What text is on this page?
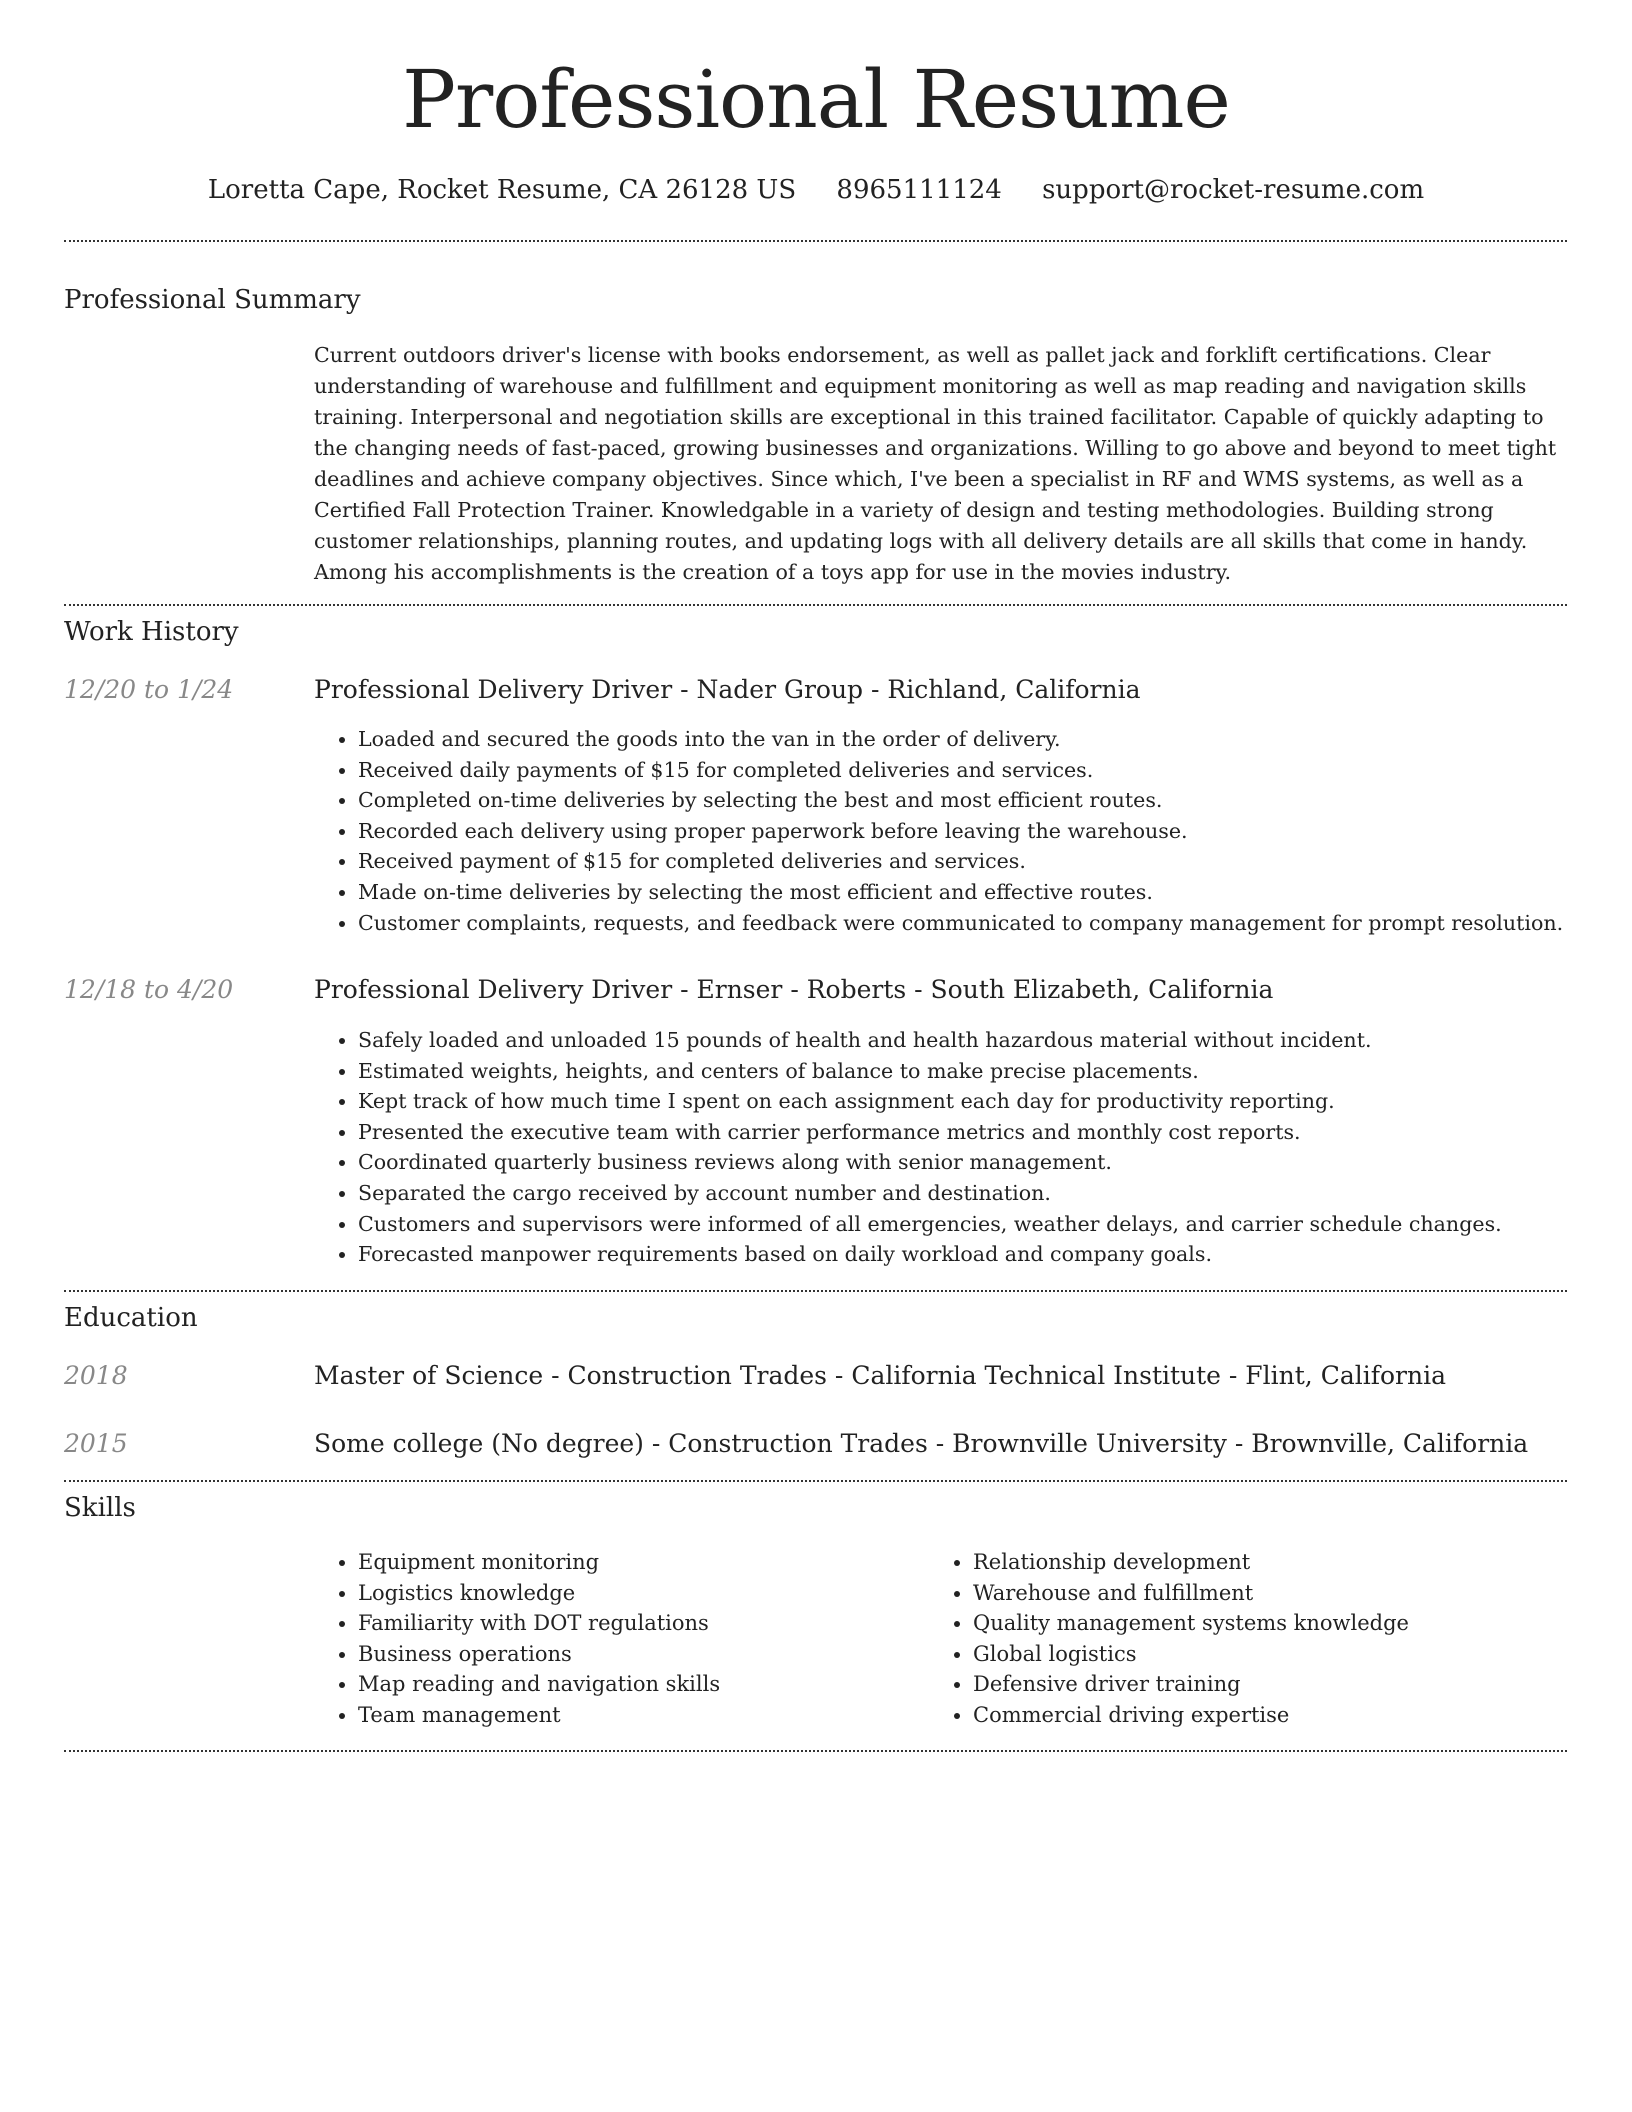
Professional Resume
Loretta Cape, Rocket Resume, CA 26128 US 8965111124 support@rocket-resume.com
Professional Summary

Current outdoors driver's license with books endorsement, as well as pallet jack and forklift certifications. Clear understanding of warehouse and fulfillment and equipment monitoring as well as map reading and navigation skills training. Interpersonal and negotiation skills are exceptional in this trained facilitator. Capable of quickly adapting to the changing needs of fast-paced, growing businesses and organizations. Willing to go above and beyond to meet tight deadlines and achieve company objectives. Since which, I've been a specialist in RF and WMS systems, as well as a Certified Fall Protection Trainer. Knowledgable in a variety of design and testing methodologies. Building strong customer relationships, planning routes, and updating logs with all delivery details are all skills that come in handy. Among his accomplishments is the creation of a toys app for use in the movies industry.

Work History
12/20 to 1/24	Professional Delivery Driver - Nader Group - Richland, California
• Loaded and secured the goods into the van in the order of delivery.
• Received daily payments of $15 for completed deliveries and services.
• Completed on-time deliveries by selecting the best and most efficient routes.
• Recorded each delivery using proper paperwork before leaving the warehouse.
• Received payment of $15 for completed deliveries and services.
• Made on-time deliveries by selecting the most efficient and effective routes.
• Customer complaints, requests, and feedback were communicated to company management for prompt resolution.
12/18 to 4/20	Professional Delivery Driver - Ernser - Roberts - South Elizabeth, California
• Safely loaded and unloaded 15 pounds of health and health hazardous material without incident.
• Estimated weights, heights, and centers of balance to make precise placements.
• Kept track of how much time I spent on each assignment each day for productivity reporting.
• Presented the executive team with carrier performance metrics and monthly cost reports.
• Coordinated quarterly business reviews along with senior management.
• Separated the cargo received by account number and destination.
• Customers and supervisors were informed of all emergencies, weather delays, and carrier schedule changes.
• Forecasted manpower requirements based on daily workload and company goals.
Education
2018	Master of Science - Construction Trades - California Technical Institute - Flint, California
2015	Some college (No degree) - Construction Trades - Brownville University - Brownville, California
Skills
• Equipment monitoring
• Logistics knowledge
• Familiarity with DOT regulations
• Business operations
• Map reading and navigation skills
• Team management
• Relationship development
• Warehouse and fulfillment
• Quality management systems knowledge
• Global logistics
• Defensive driver training
• Commercial driving expertise
